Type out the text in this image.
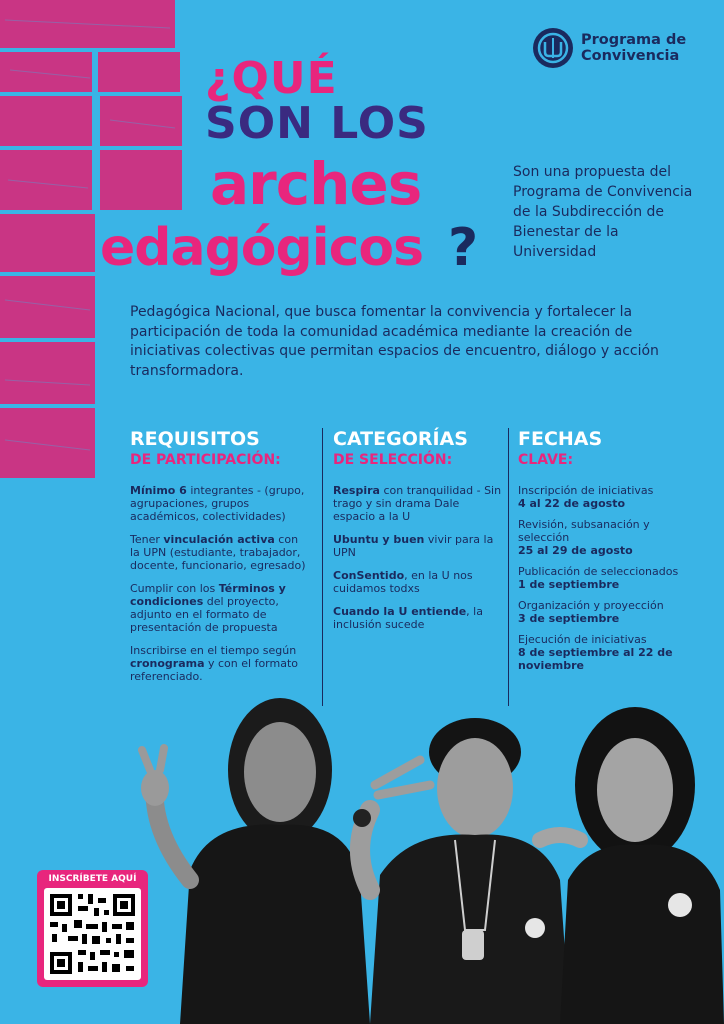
Programa de
Convivencia
¿QUÉ
SON LOS
arches
edagógicos ?
Son una propuesta del Programa de Convivencia de la Subdirección de Bienestar de la Universidad
Pedagógica Nacional, que busca fomentar la convivencia y fortalecer la participación de toda la comunidad académica mediante la creación de iniciativas colectivas que permitan espacios de encuentro, diálogo y acción transformadora.
REQUISITOS
DE PARTICIPACIÓN:
Mínimo 6 integrantes - (grupo, agrupaciones, grupos académicos, colectividades)
Tener vinculación activa con la UPN (estudiante, trabajador, docente, funcionario, egresado)
Cumplir con los Términos y condiciones del proyecto, adjunto en el formato de presentación de propuesta
Inscribirse en el tiempo según cronograma y con el formato referenciado.
CATEGORÍAS
DE SELECCIÓN:
Respira con tranquilidad - Sin trago y sin drama Dale espacio a la U
Ubuntu y buen vivir para la UPN
ConSentido, en la U nos cuidamos todxs
Cuando la U entiende, la inclusión sucede
FECHAS
CLAVE:
Inscripción de iniciativas
4 al 22 de agosto
Revisión, subsanación y selección
25 al 29 de agosto
Publicación de seleccionados
1 de septiembre
Organización y proyección
3 de septiembre
Ejecución de iniciativas
8 de septiembre al 22 de noviembre
INSCRÍBETE AQUÍ
